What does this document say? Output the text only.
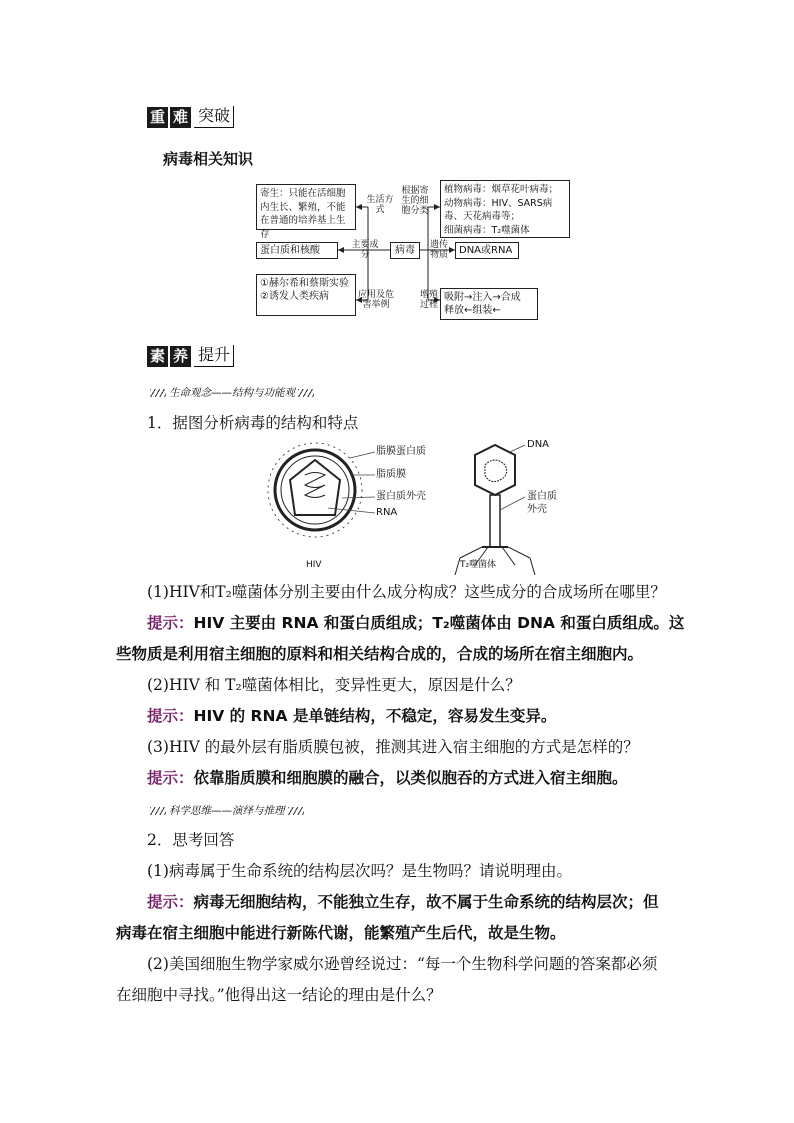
重 难 突破
病毒相关知识
寄生：只能在活细胞内生长、繁殖，不能在普通的培养基上生存
生活方式
根据寄生的细胞分类
植物病毒：烟草花叶病毒；
动物病毒：HIV、SARS病毒、天花病毒等；
细菌病毒：T₂噬菌体
蛋白质和核酸	主要成分	病毒	遗传物质	DNA或RNA
①赫尔希和蔡斯实验
②诱发人类疾病	应用及危害举例
增殖过程
吸附→注入→合成
释放←组装←
素 养 提升
生命观念——结构与功能观
1．据图分析病毒的结构和特点
脂膜蛋白质
脂质膜
蛋白质外壳
RNA
HIV
DNA
蛋白质外壳
T₂噬菌体
(1)HIV和T₂噬菌体分别主要由什么成分构成？这些成分的合成场所在哪里？
提示：HIV 主要由 RNA 和蛋白质组成；T₂噬菌体由 DNA 和蛋白质组成。这
些物质是利用宿主细胞的原料和相关结构合成的，合成的场所在宿主细胞内。
(2)HIV 和 T₂噬菌体相比，变异性更大，原因是什么？
提示：HIV 的 RNA 是单链结构，不稳定，容易发生变异。
(3)HIV 的最外层有脂质膜包被，推测其进入宿主细胞的方式是怎样的？
提示：依靠脂质膜和细胞膜的融合，以类似胞吞的方式进入宿主细胞。
科学思维——演绎与推理
2．思考回答
(1)病毒属于生命系统的结构层次吗？是生物吗？请说明理由。
提示：病毒无细胞结构，不能独立生存，故不属于生命系统的结构层次；但
病毒在宿主细胞中能进行新陈代谢，能繁殖产生后代，故是生物。
(2)美国细胞生物学家威尔逊曾经说过：“每一个生物科学问题的答案都必须
在细胞中寻找。”他得出这一结论的理由是什么？
